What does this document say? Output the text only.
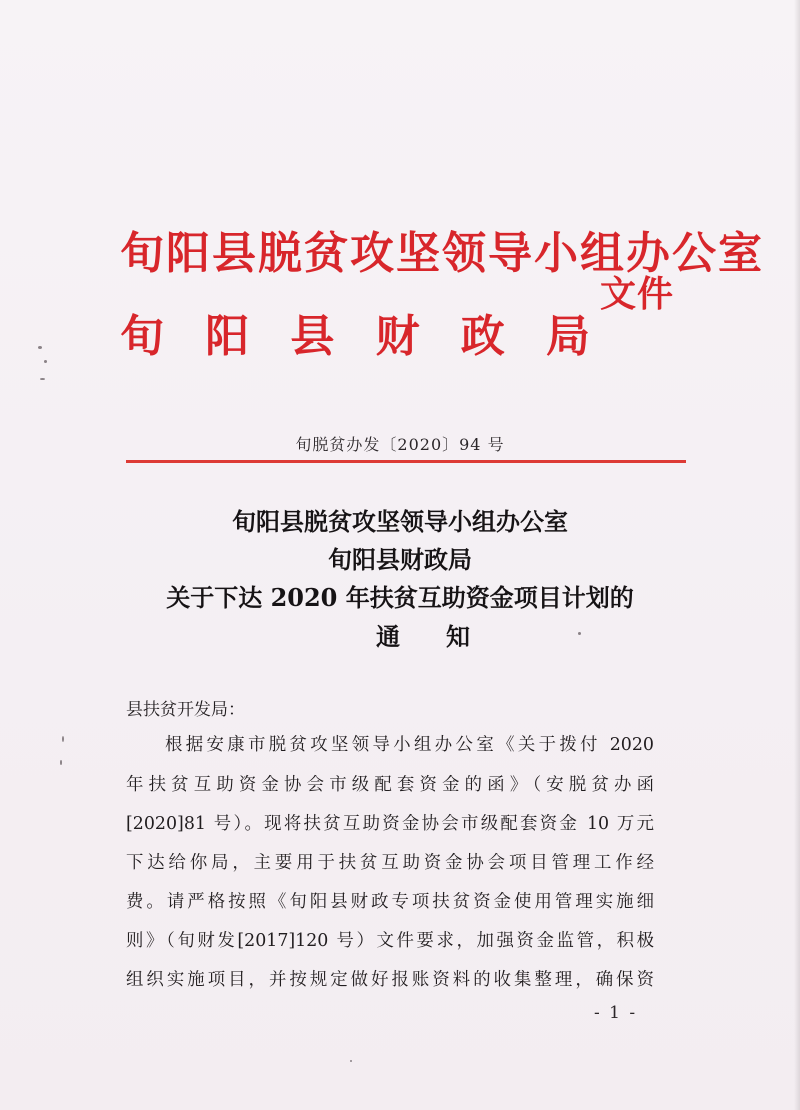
旬阳县脱贫攻坚领导小组办公室
旬 阳 县 财 政 局
文件
旬脱贫办发〔2020〕94 号
旬阳县脱贫攻坚领导小组办公室
旬阳县财政局
关于下达 2020 年扶贫互助资金项目计划的
通知
县扶贫开发局：
根据安康市脱贫攻坚领导小组办公室《关于拨付 2020
年扶贫互助资金协会市级配套资金的函》（安脱贫办函
[2020]81 号）。现将扶贫互助资金协会市级配套资金 10 万元
下达给你局，主要用于扶贫互助资金协会项目管理工作经
费。请严格按照《旬阳县财政专项扶贫资金使用管理实施细
则》（旬财发[2017]120 号）文件要求，加强资金监管，积极
组织实施项目，并按规定做好报账资料的收集整理，确保资
- 1 -
